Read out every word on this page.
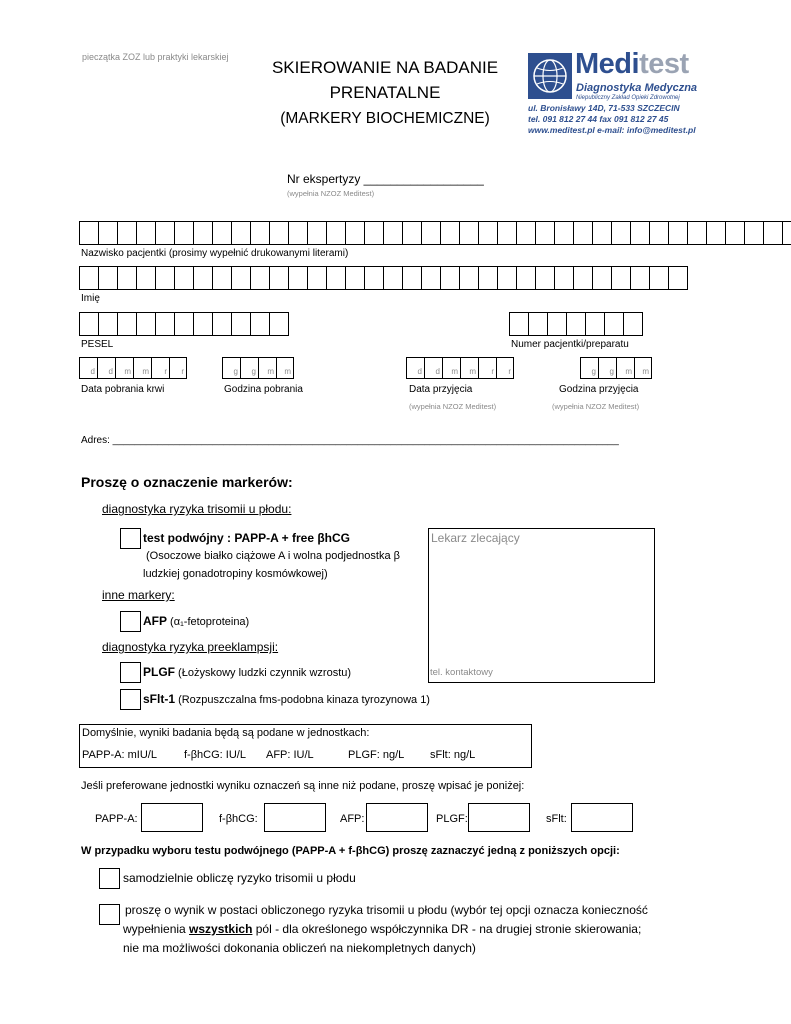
pieczątka ZOZ lub praktyki lekarskiej
SKIEROWANIE NA BADANIE
PRENATALNE
(MARKERY BIOCHEMICZNE)
Meditest
Diagnostyka Medyczna
Niepubliczny Zakład Opieki Zdrowotnej
ul. Bronisławy 14D, 71-533 SZCZECIN
tel. 091 812 27 44 fax 091 812 27 45
www.meditest.pl e-mail: info@meditest.pl
Nr ekspertyzy __________________
(wypełnia NZOZ Meditest)
Nazwisko pacjentki (prosimy wypełnić drukowanymi literami)
Imię
PESEL	Numer pacjentki/preparatu
d	d	m	m	r	r
Data pobrania krwi
g	g	m	m
Godzina pobrania
d	d	m	m	r	r
Data przyjęcia
(wypełnia NZOZ Meditest)
g	g	m	m
Godzina przyjęcia
(wypełnia NZOZ Meditest)
Adres: ___________________________________________________________________________________________
Proszę o oznaczenie markerów:
diagnostyka ryzyka trisomii u płodu:
test podwójny : PAPP-A + free βhCG
(Osoczowe białko ciążowe A i wolna podjednostka β
ludzkiej gonadotropiny kosmówkowej)
inne markery:
AFP (α₁-fetoproteina)
diagnostyka ryzyka preeklampsji:
PLGF (Łożyskowy ludzki czynnik wzrostu)
sFlt-1 (Rozpuszczalna fms-podobna kinaza tyrozynowa 1)
Lekarz zlecający
tel. kontaktowy
Domyślnie, wyniki badania będą są podane w jednostkach:
PAPP-A: mIU/L f-βhCG: IU/L AFP: IU/L	PLGF: ng/L sFlt: ng/L
Jeśli preferowane jednostki wyniku oznaczeń są inne niż podane, proszę wpisać je poniżej:
PAPP-A:	f-βhCG:	AFP:	PLGF:	sFlt:
W przypadku wyboru testu podwójnego (PAPP-A + f-βhCG) proszę zaznaczyć jedną z poniższych opcji:
samodzielnie obliczę ryzyko trisomii u płodu
proszę o wynik w postaci obliczonego ryzyka trisomii u płodu (wybór tej opcji oznacza konieczność
wypełnienia wszystkich pól - dla określonego współczynnika DR - na drugiej stronie skierowania;
nie ma możliwości dokonania obliczeń na niekompletnych danych)
